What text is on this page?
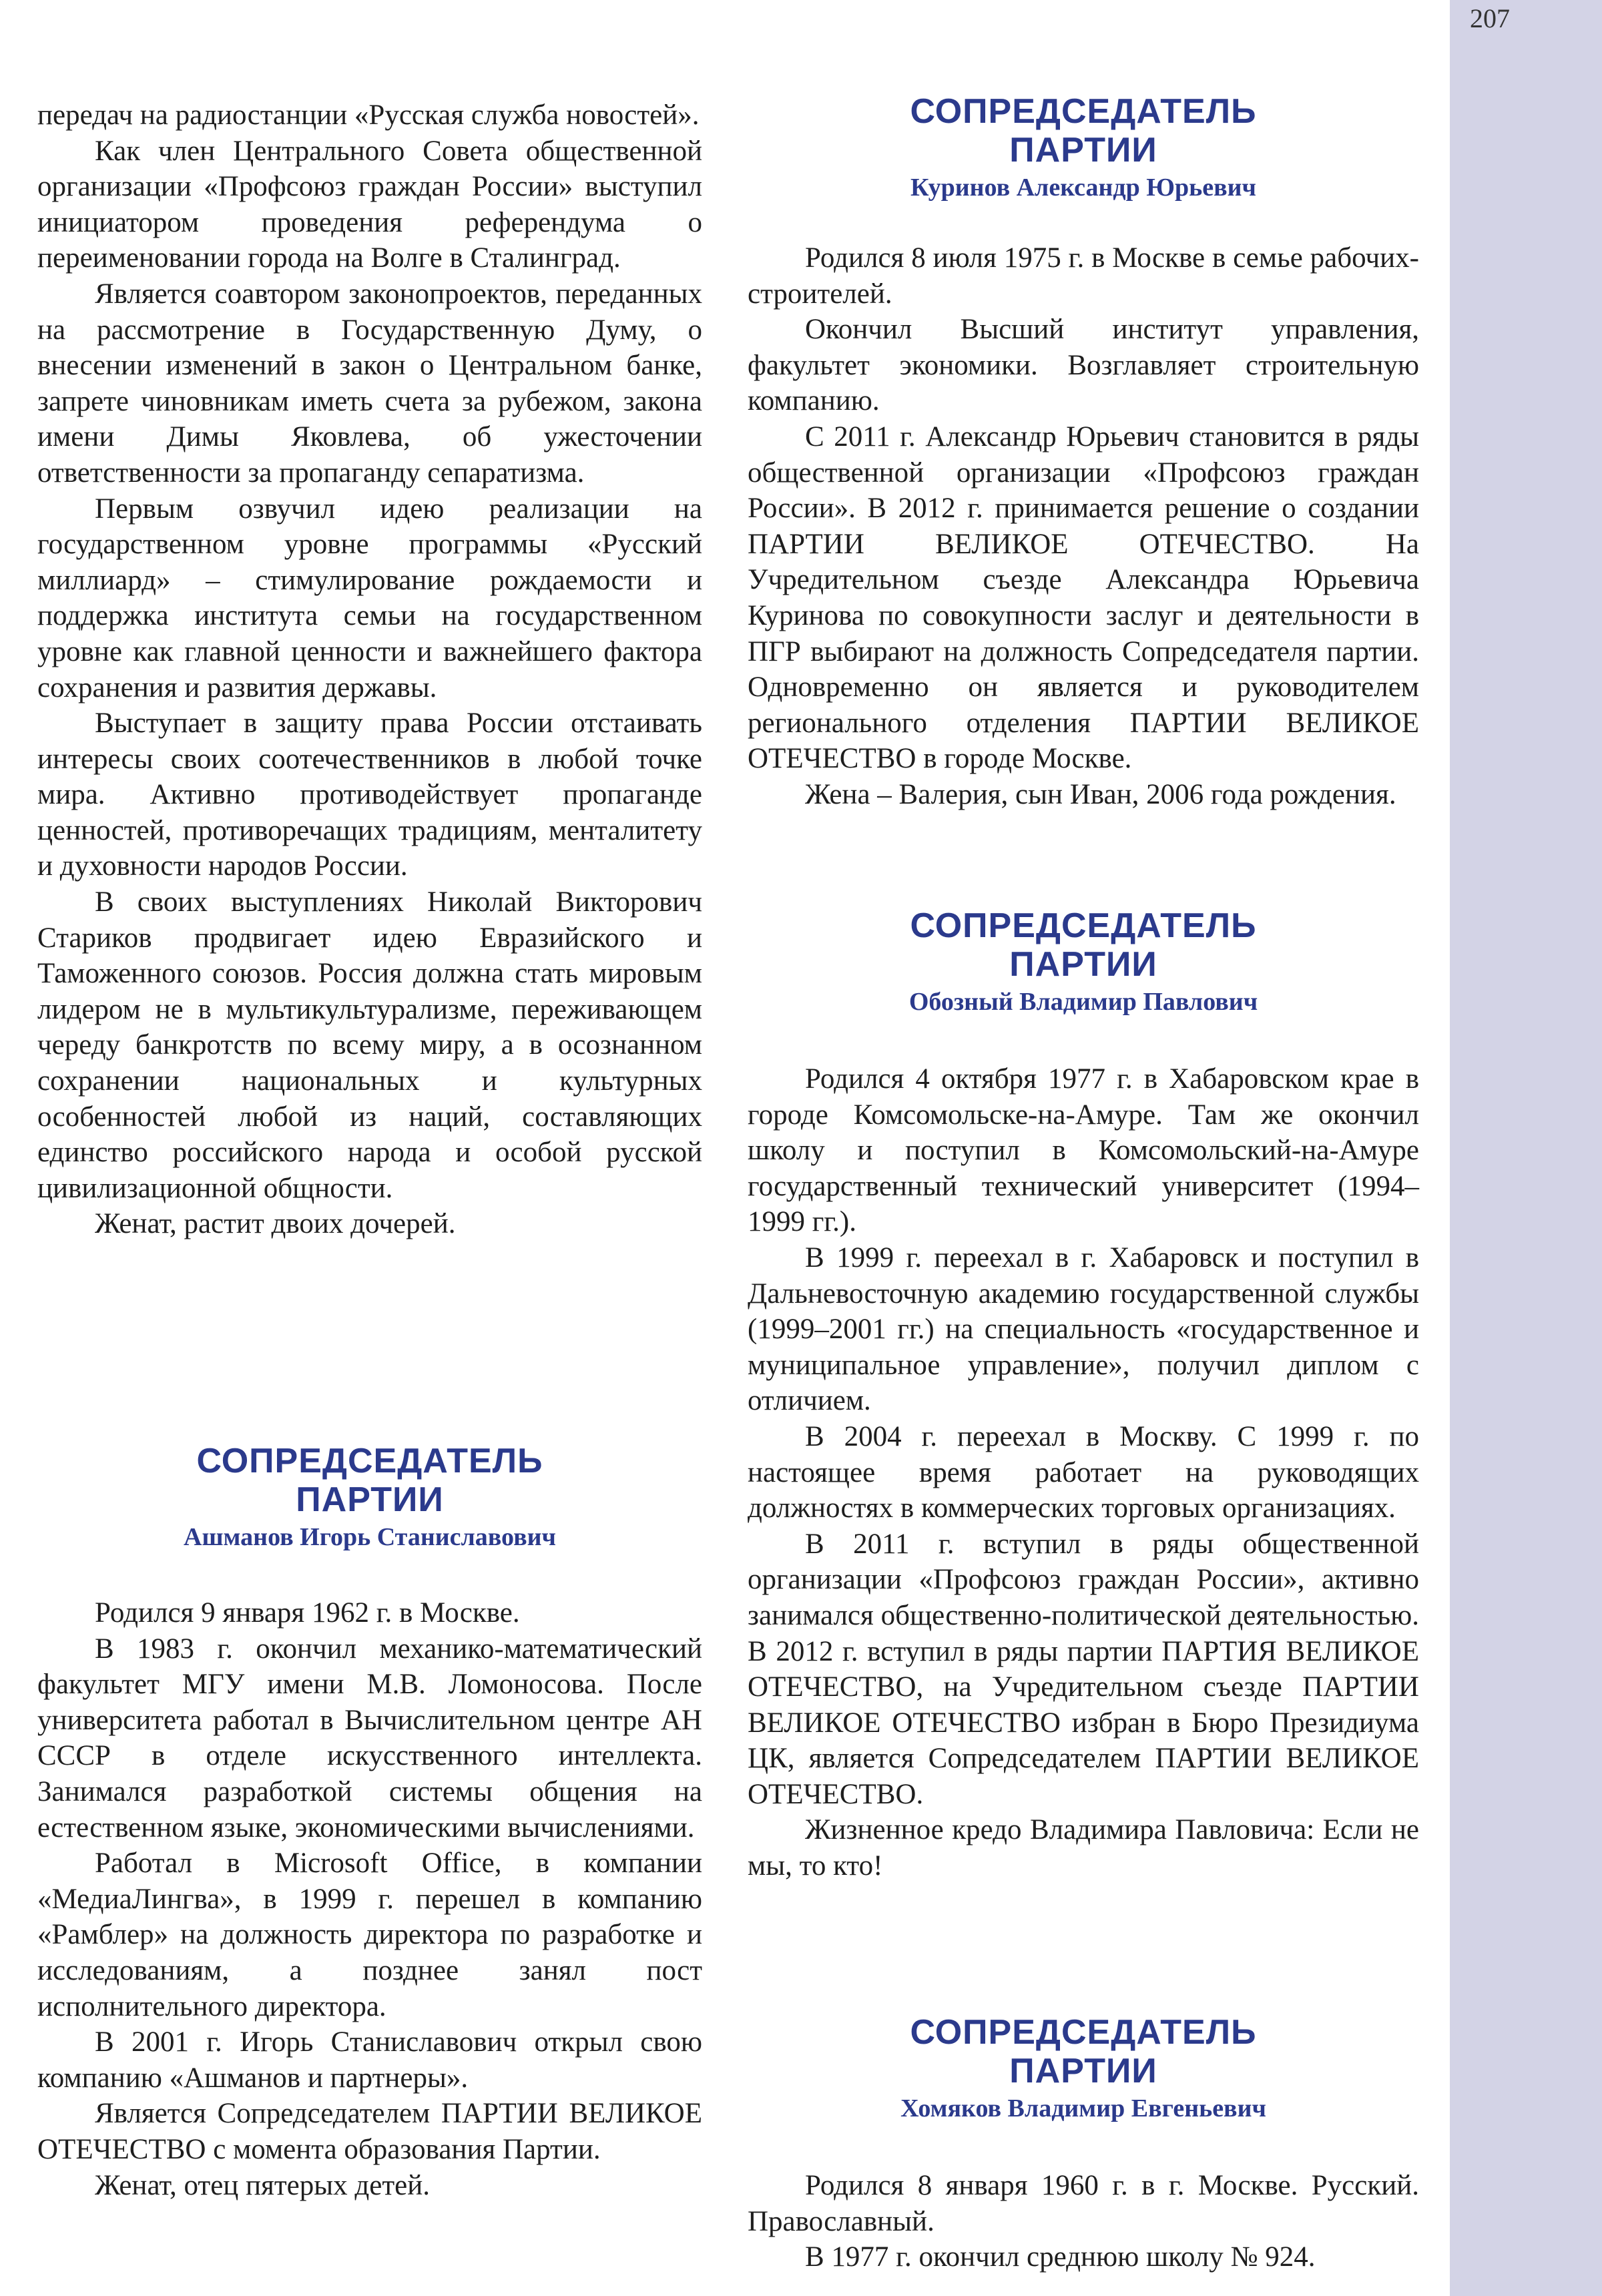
207

передач на радиостанции «Русская служба новостей».

Как член Центрального Совета общественной организации «Профсоюз граждан России» выступил инициатором проведения референдума о переименовании города на Волге в Сталинград.

Является соавтором законопроектов, переданных на рассмотрение в Государственную Думу, о внесении изменений в закон о Центральном банке, запрете чиновникам иметь счета за рубежом, закона имени Димы Яковлева, об ужесточении ответственности за пропаганду сепаратизма.

Первым озвучил идею реализации на государственном уровне программы «Русский миллиард» – стимулирование рождаемости и поддержка института семьи на государственном уровне как главной ценности и важнейшего фактора сохранения и развития державы.

Выступает в защиту права России отстаивать интересы своих соотечественников в любой точке мира. Активно противодействует пропаганде ценностей, противоречащих традициям, менталитету и духовности народов России.

В своих выступлениях Николай Викторович Стариков продвигает идею Евразийского и Таможенного союзов. Россия должна стать мировым лидером не в мультикультурализме, переживающем череду банкротств по всему миру, а в осознанном сохранении национальных и культурных особенностей любой из наций, составляющих единство российского народа и особой русской цивилизационной общности.

Женат, растит двоих дочерей.

СОПРЕДСЕДАТЕЛЬ

ПАРТИИ

Ашманов Игорь Станиславович

Родился 9 января 1962 г. в Москве.

В 1983 г. окончил механико-математический факультет МГУ имени М.В. Ломоносова. После университета работал в Вычислительном центре АН СССР в отделе искусственного интеллекта. Занимался разработкой системы общения на естественном языке, экономическими вычислениями.

Работал в Microsoft Office, в компании «МедиаЛингва», в 1999 г. перешел в компанию «Рамблер» на должность директора по разработке и исследованиям, а позднее занял пост исполнительного директора.

В 2001 г. Игорь Станиславович открыл свою компанию «Ашманов и партнеры».

Является Сопредседателем ПАРТИИ ВЕЛИКОЕ ОТЕЧЕСТВО с момента образования Партии.

Женат, отец пятерых детей.

СОПРЕДСЕДАТЕЛЬ

ПАРТИИ

Куринов Александр Юрьевич

Родился 8 июля 1975 г. в Москве в семье рабочих-строителей.

Окончил Высший институт управления, факультет экономики. Возглавляет строительную компанию.

С 2011 г. Александр Юрьевич становится в ряды общественной организации «Профсоюз граждан России». В 2012 г. принимается решение о создании ПАРТИИ ВЕЛИКОЕ ОТЕЧЕСТВО. На Учредительном съезде Александра Юрьевича Куринова по совокупности заслуг и деятельности в ПГР выбирают на должность Сопредседателя партии. Одновременно он является и руководителем регионального отделения ПАРТИИ ВЕЛИКОЕ ОТЕЧЕСТВО в городе Москве.

Жена – Валерия, сын Иван, 2006 года рождения.

СОПРЕДСЕДАТЕЛЬ

ПАРТИИ

Обозный Владимир Павлович

Родился 4 октября 1977 г. в Хабаровском крае в городе Комсомольске-на-Амуре. Там же окончил школу и поступил в Комсомольский-на-Амуре государственный технический университет (1994–1999 гг.).

В 1999 г. переехал в г. Хабаровск и поступил в Дальневосточную академию государственной службы (1999–2001 гг.) на специальность «государственное и муниципальное управление», получил диплом с отличием.

В 2004 г. переехал в Москву. С 1999 г. по настоящее время работает на руководящих должностях в коммерческих торговых организациях.

В 2011 г. вступил в ряды общественной организации «Профсоюз граждан России», активно занимался общественно-политической деятельностью. В 2012 г. вступил в ряды партии ПАРТИЯ ВЕЛИКОЕ ОТЕЧЕСТВО, на Учредительном съезде ПАРТИИ ВЕЛИКОЕ ОТЕЧЕСТВО избран в Бюро Президиума ЦК, является Сопредседателем ПАРТИИ ВЕЛИКОЕ ОТЕЧЕСТВО.

Жизненное кредо Владимира Павловича: Если не мы, то кто!

СОПРЕДСЕДАТЕЛЬ

ПАРТИИ

Хомяков Владимир Евгеньевич

Родился 8 января 1960 г. в г. Москве. Русский. Православный.

В 1977 г. окончил среднюю школу № 924.
